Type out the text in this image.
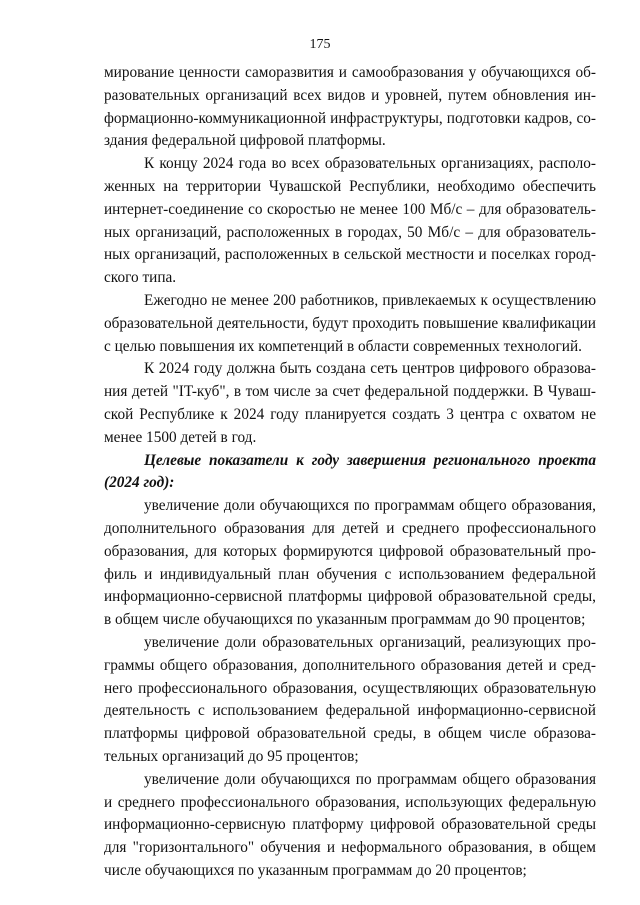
175
мирование ценности саморазвития и самообразования у обучающихся об-
разовательных организаций всех видов и уровней, путем обновления ин-
формационно-коммуникационной инфраструктуры, подготовки кадров, со-
здания федеральной цифровой платформы.
К концу 2024 года во всех образовательных организациях, располо-
женных на территории Чувашской Республики, необходимо обеспечить
интернет-соединение со скоростью не менее 100 Мб/с – для образователь-
ных организаций, расположенных в городах, 50 Мб/с – для образователь-
ных организаций, расположенных в сельской местности и поселках город-
ского типа.
Ежегодно не менее 200 работников, привлекаемых к осуществлению
образовательной деятельности, будут проходить повышение квалификации
с целью повышения их компетенций в области современных технологий.
К 2024 году должна быть создана сеть центров цифрового образова-
ния детей "IT-куб", в том числе за счет федеральной поддержки. В Чуваш-
ской Республике к 2024 году планируется создать 3 центра с охватом не
менее 1500 детей в год.
Целевые показатели к году завершения регионального проекта
(2024 год):
увеличение доли обучающихся по программам общего образования,
дополнительного образования для детей и среднего профессионального
образования, для которых формируются цифровой образовательный про-
филь и индивидуальный план обучения с использованием федеральной
информационно-сервисной платформы цифровой образовательной среды,
в общем числе обучающихся по указанным программам до 90 процентов;
увеличение доли образовательных организаций, реализующих про-
граммы общего образования, дополнительного образования детей и сред-
него профессионального образования, осуществляющих образовательную
деятельность с использованием федеральной информационно-сервисной
платформы цифровой образовательной среды, в общем числе образова-
тельных организаций до 95 процентов;
увеличение доли обучающихся по программам общего образования
и среднего профессионального образования, использующих федеральную
информационно-сервисную платформу цифровой образовательной среды
для "горизонтального" обучения и неформального образования, в общем
числе обучающихся по указанным программам до 20 процентов;
